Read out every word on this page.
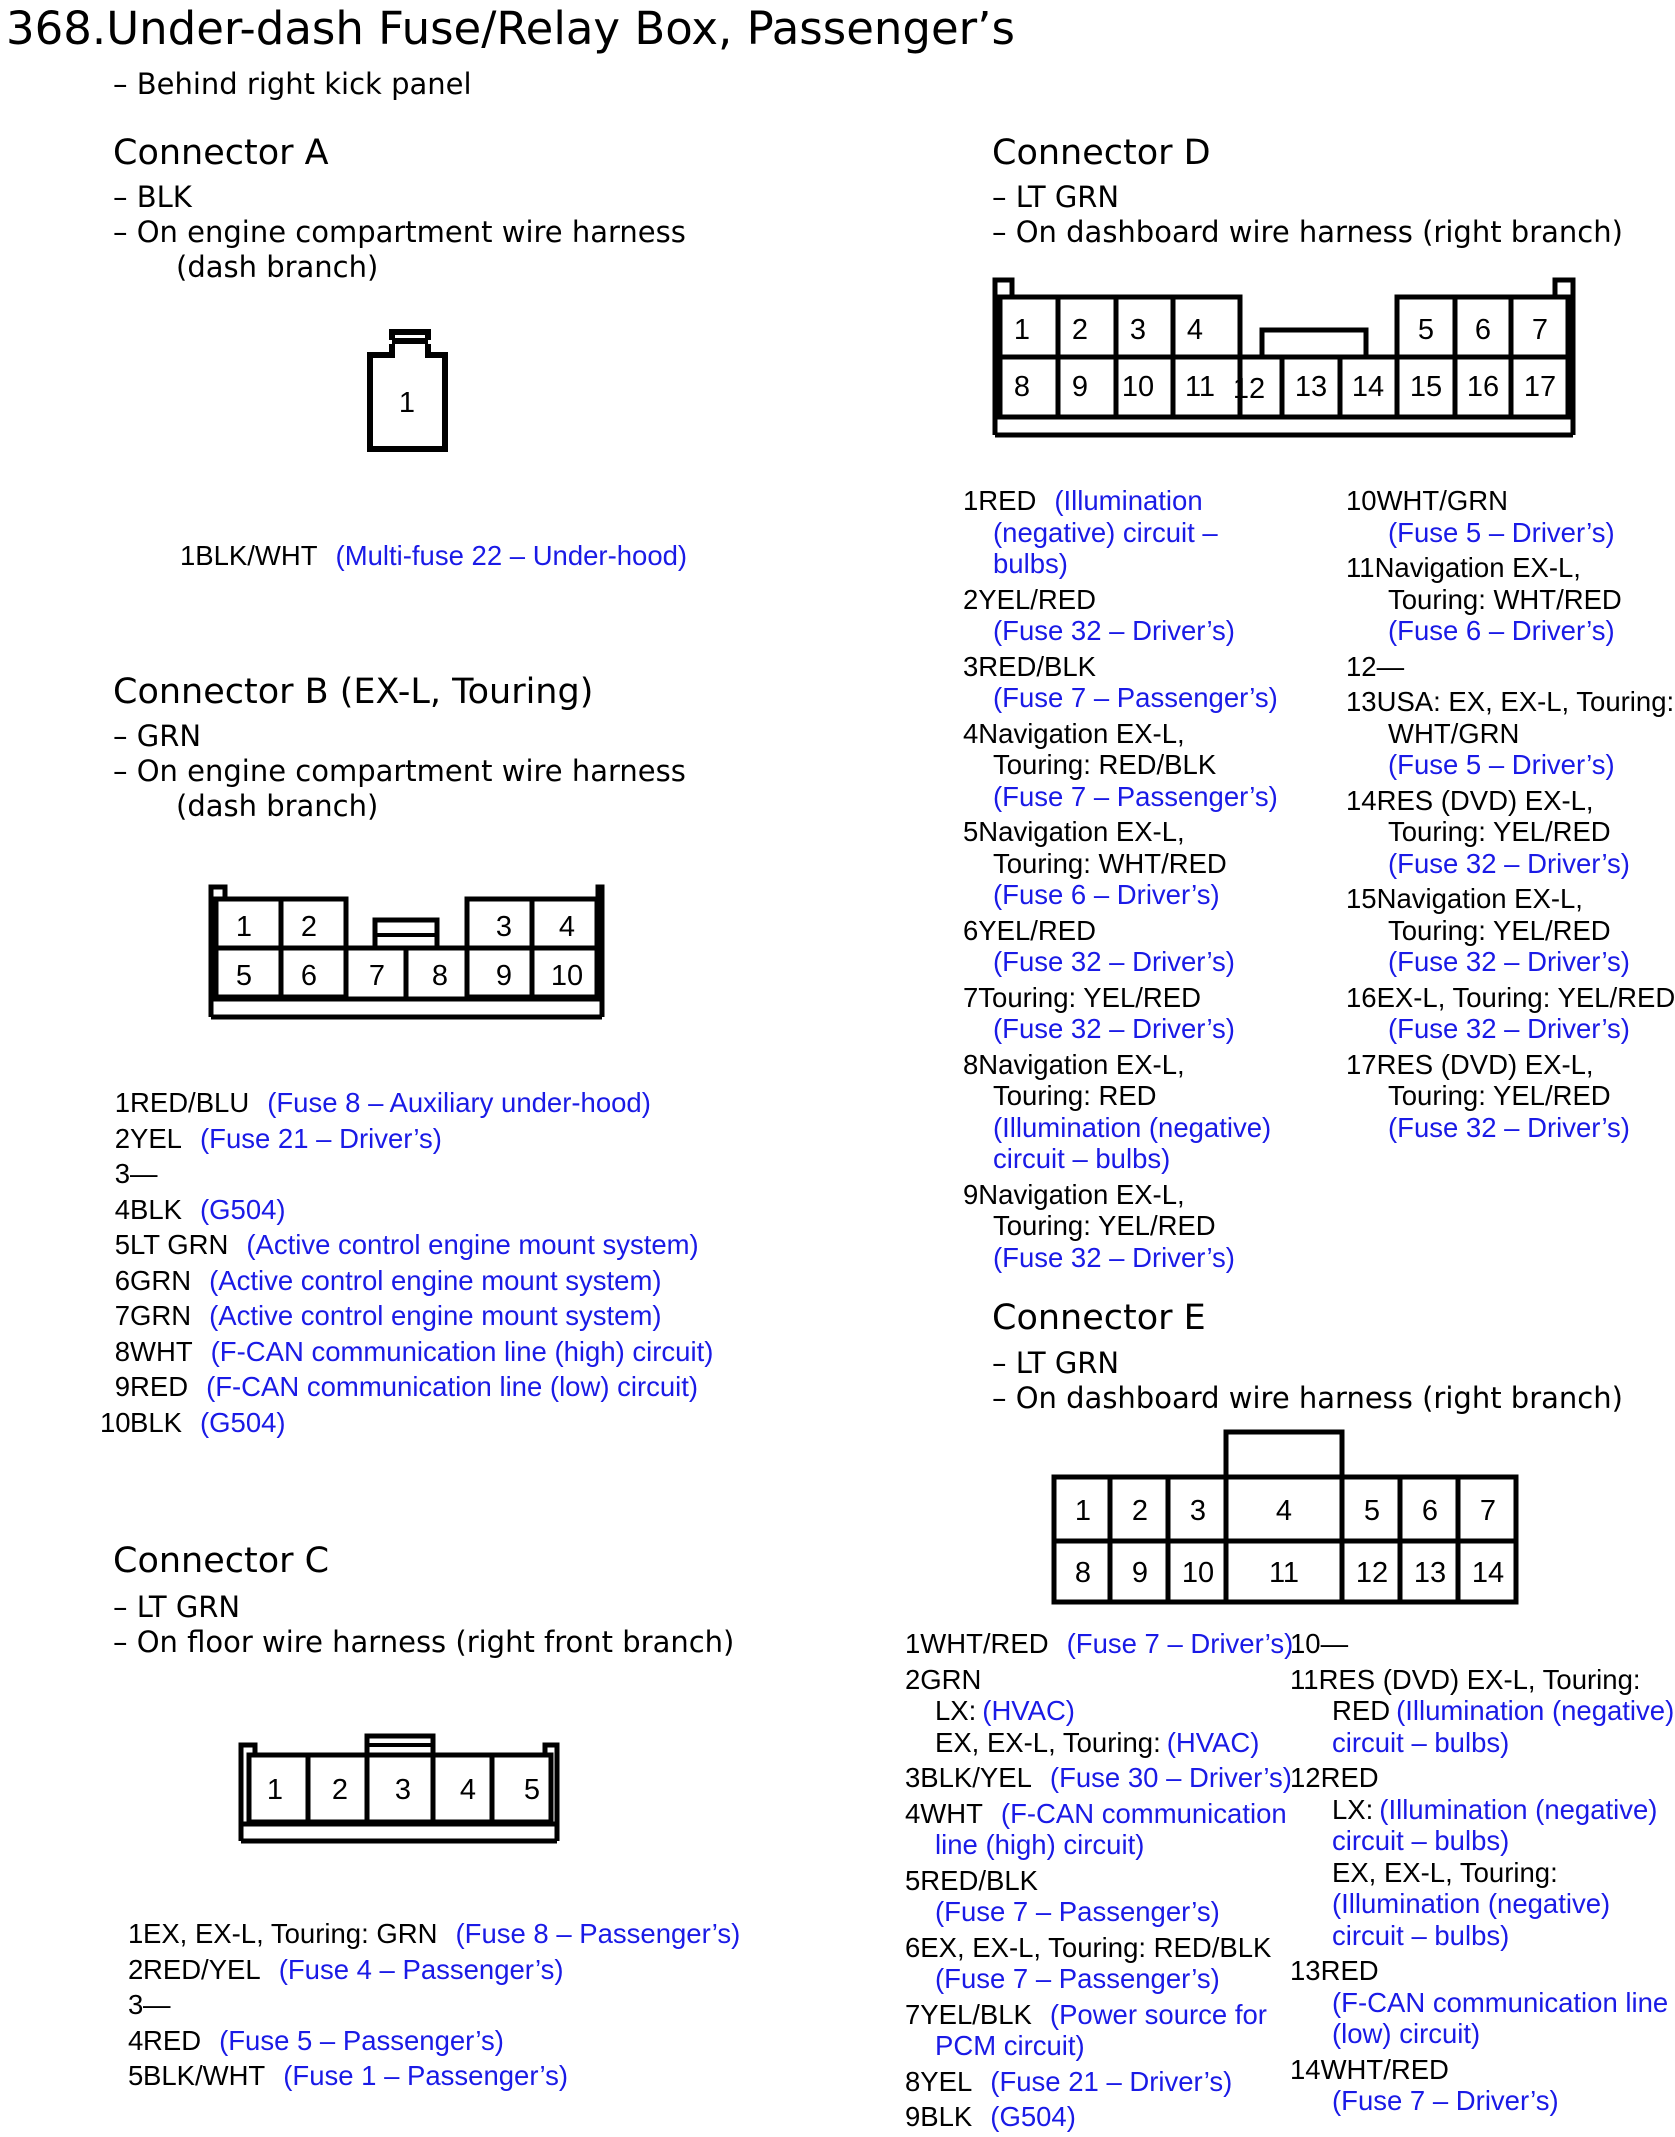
368.Under-dash Fuse/Relay Box, Passenger’s
– Behind right kick panel
Connector A
– BLK
– On engine compartment wire harness
(dash branch)
1
1BLK/WHT (Multi-fuse 22 – Under-hood)
Connector B (EX-L, Touring)
– GRN
– On engine compartment wire harness
(dash branch)
1 2	3 4
5 6 7 8 9 10
1RED/BLU (Fuse 8 – Auxiliary under-hood)
2YEL (Fuse 21 – Driver’s)
3—
4BLK (G504)
5LT GRN (Active control engine mount system)
6GRN (Active control engine mount system)
7GRN (Active control engine mount system)
8WHT (F-CAN communication line (high) circuit)
9RED (F-CAN communication line (low) circuit)
10BLK (G504)
Connector C
– LT GRN
– On floor wire harness (right front branch)
1 2 3 4 5
1EX, EX-L, Touring: GRN (Fuse 8 – Passenger’s)
2RED/YEL (Fuse 4 – Passenger’s)
3—
4RED (Fuse 5 – Passenger’s)
5BLK/WHT (Fuse 1 – Passenger’s)
Connector D
– LT GRN
– On dashboard wire harness (right branch)
1 2 3 4	5 6 7
8 9 10 11 12 13 14 15 16 17
1RED (Illumination
(negative) circuit –
bulbs)
2YEL/RED
(Fuse 32 – Driver’s)
3RED/BLK
(Fuse 7 – Passenger’s)
4Navigation EX-L,
Touring: RED/BLK
(Fuse 7 – Passenger’s)
5Navigation EX-L,
Touring: WHT/RED
(Fuse 6 – Driver’s)
6YEL/RED
(Fuse 32 – Driver’s)
7Touring: YEL/RED
(Fuse 32 – Driver’s)
8Navigation EX-L,
Touring: RED
(Illumination (negative)
circuit – bulbs)
9Navigation EX-L,
Touring: YEL/RED
(Fuse 32 – Driver’s)
10WHT/GRN
(Fuse 5 – Driver’s)
11Navigation EX-L,
Touring: WHT/RED
(Fuse 6 – Driver’s)
12—
13USA: EX, EX-L, Touring:
WHT/GRN
(Fuse 5 – Driver’s)
14RES (DVD) EX-L,
Touring: YEL/RED
(Fuse 32 – Driver’s)
15Navigation EX-L,
Touring: YEL/RED
(Fuse 32 – Driver’s)
16EX-L, Touring: YEL/RED
(Fuse 32 – Driver’s)
17RES (DVD) EX-L,
Touring: YEL/RED
(Fuse 32 – Driver’s)
Connector E
– LT GRN
– On dashboard wire harness (right branch)
1 2 3 4 5 6 7
8 9 10 11 12 13 14
1WHT/RED (Fuse 7 – Driver’s)
2GRN
LX: (HVAC)
EX, EX-L, Touring: (HVAC)
3BLK/YEL (Fuse 30 – Driver’s)
4WHT (F-CAN communication
line (high) circuit)
5RED/BLK
(Fuse 7 – Passenger’s)
6EX, EX-L, Touring: RED/BLK
(Fuse 7 – Passenger’s)
7YEL/BLK (Power source for
PCM circuit)
8YEL (Fuse 21 – Driver’s)
9BLK (G504)
10—
11RES (DVD) EX-L, Touring:
RED (Illumination (negative)
circuit – bulbs)
12RED
LX: (Illumination (negative)
circuit – bulbs)
EX, EX-L, Touring:
(Illumination (negative)
circuit – bulbs)
13RED
(F-CAN communication line
(low) circuit)
14WHT/RED
(Fuse 7 – Driver’s)
